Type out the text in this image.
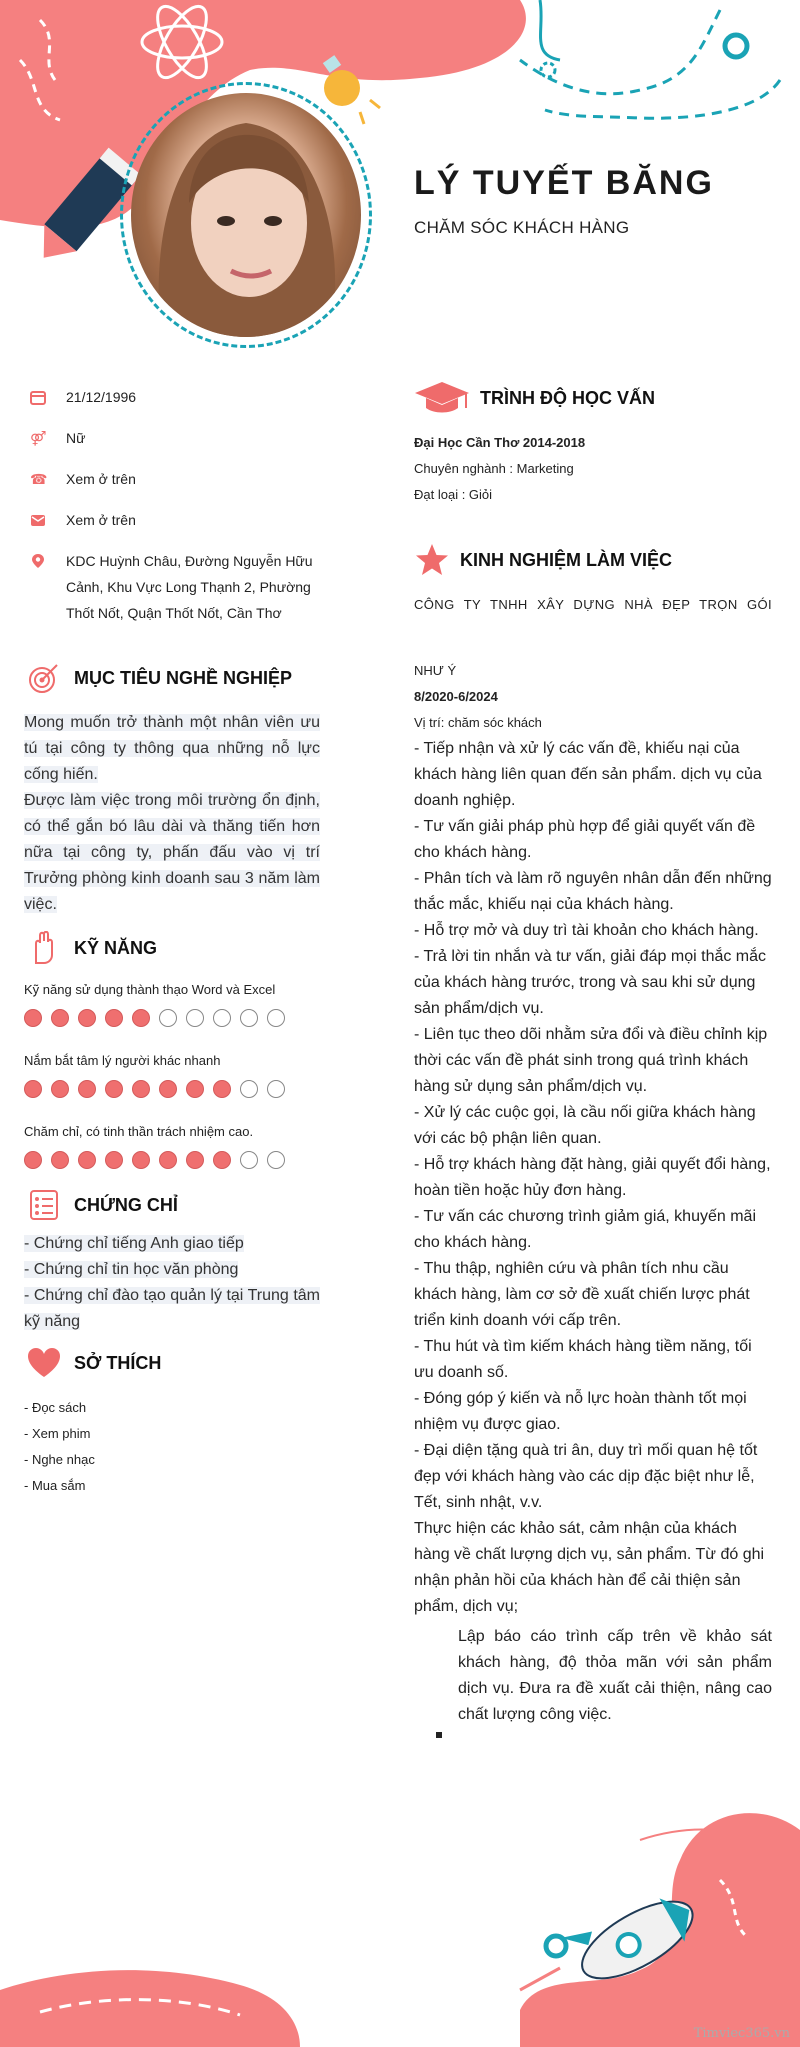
LÝ TUYẾT BĂNG
CHĂM SÓC KHÁCH HÀNG
21/12/1996
⚤ Nữ
☎ Xem ở trên
Xem ở trên
KDC Huỳnh Châu, Đường Nguyễn Hữu Cảnh, Khu Vực Long Thạnh 2, Phường Thốt Nốt, Quận Thốt Nốt, Cần Thơ
MỤC TIÊU NGHỀ NGHIỆP
Mong muốn trở thành một nhân viên ưu tú tại công ty thông qua những nỗ lực cống hiến.
Được làm việc trong môi trường ổn định, có thể gắn bó lâu dài và thăng tiến hơn nữa tại công ty, phấn đấu vào vị trí Trưởng phòng kinh doanh sau 3 năm làm việc.
KỸ NĂNG
Kỹ năng sử dụng thành thạo Word và Excel
Nắm bắt tâm lý người khác nhanh
Chăm chỉ, có tinh thần trách nhiệm cao.
CHỨNG CHỈ
- Chứng chỉ tiếng Anh giao tiếp
- Chứng chỉ tin học văn phòng
- Chứng chỉ đào tạo quản lý tại Trung tâm kỹ năng
SỞ THÍCH
- Đọc sách
- Xem phim
- Nghe nhạc
- Mua sắm
TRÌNH ĐỘ HỌC VẤN
Đại Học Cần Thơ 2014-2018
Chuyên nghành : Marketing
Đạt loại : Giỏi
KINH NGHIỆM LÀM VIỆC
CÔNG TY TNHH XÂY DỰNG NHÀ ĐẸP TRỌN GÓI
NHƯ Ý
8/2020-6/2024
Vị trí: chăm sóc khách
- Tiếp nhận và xử lý các vấn đề, khiếu nại của khách hàng liên quan đến sản phẩm. dịch vụ của doanh nghiệp.
- Tư vấn giải pháp phù hợp để giải quyết vấn đề cho khách hàng.
- Phân tích và làm rõ nguyên nhân dẫn đến những thắc mắc, khiếu nại của khách hàng.
- Hỗ trợ mở và duy trì tài khoản cho khách hàng.
- Trả lời tin nhắn và tư vấn, giải đáp mọi thắc mắc của khách hàng trước, trong và sau khi sử dụng sản phẩm/dịch vụ.
- Liên tục theo dõi nhằm sửa đổi và điều chỉnh kịp thời các vấn đề phát sinh trong quá trình khách hàng sử dụng sản phẩm/dịch vụ.
- Xử lý các cuộc gọi, là cầu nối giữa khách hàng với các bộ phận liên quan.
- Hỗ trợ khách hàng đặt hàng, giải quyết đổi hàng, hoàn tiền hoặc hủy đơn hàng.
- Tư vấn các chương trình giảm giá, khuyến mãi cho khách hàng.
- Thu thập, nghiên cứu và phân tích nhu cầu khách hàng, làm cơ sở đề xuất chiến lược phát triển kinh doanh với cấp trên.
- Thu hút và tìm kiếm khách hàng tiềm năng, tối ưu doanh số.
- Đóng góp ý kiến và nỗ lực hoàn thành tốt mọi nhiệm vụ được giao.
- Đại diện tặng quà tri ân, duy trì mối quan hệ tốt đẹp với khách hàng vào các dịp đặc biệt như lễ, Tết, sinh nhật, v.v.
Thực hiện các khảo sát, cảm nhận của khách hàng về chất lượng dịch vụ, sản phẩm. Từ đó ghi nhận phản hồi của khách hàn để cải thiện sản phẩm, dịch vụ;
Lập báo cáo trình cấp trên về khảo sát khách hàng, độ thỏa mãn với sản phẩm dịch vụ. Đưa ra đề xuất cải thiện, nâng cao chất lượng công việc.
Timviec365.vn
